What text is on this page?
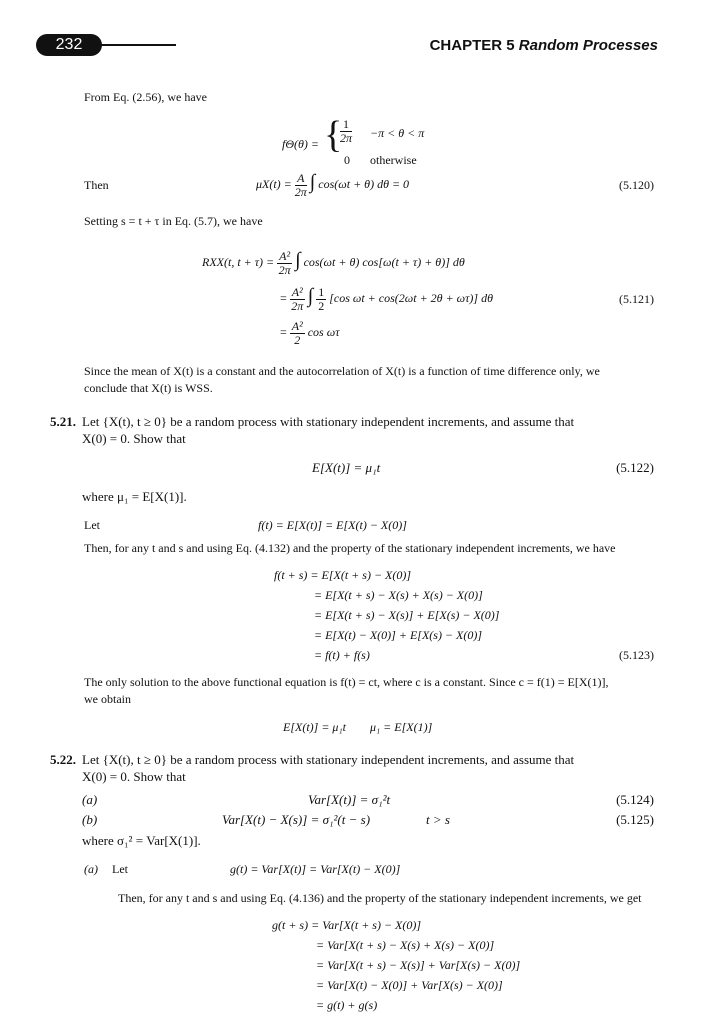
232	CHAPTER 5 Random Processes
From Eq. (2.56), we have
fΘ(θ) = {
$\frac{1}{2\pi} -\pi < \theta < \pi$
0 otherwise
Then	$\mu X(t) = \frac{A}{2\pi}$ ∫ cos(ωt + θ) dθ = 0	(5.120)
Setting s = t + τ in Eq. (5.7), we have
RXX(t, $t + \tau) = \frac{\text{A²}}{2\pi}$ ∫ cos(ωt + θ) cos[ω(t + τ) + θ)] dθ
= $\frac{\text{A²}}{2\pi}$ ∫ $\frac{1}{2} [\cos$ ωt + cos(2ωt + 2θ + ωτ)] dθ	(5.121)
= $\frac{\text{A²}}{2}$ cos ωτ
Since the mean of X(t) is a constant and the autocorrelation of X(t) is a function of time difference only, we
conclude that X(t) is WSS.
5.21. Let {X(t), t ≥ 0} be a random process with stationary independent increments, and assume that
X(0) = 0. Show that
E[X(t)] = μ₁t	(5.122)
where μ₁ = E[X(1)].
Let	f(t) = E[X(t)] = E[X(t) − X(0)]
Then, for any t and s and using Eq. (4.132) and the property of the stationary independent increments, we have
f(t + s) = E[X(t + s) − X(0)]
= E[X(t + s) − X(s) + X(s) − X(0)]
= E[X(t + s) − X(s)] + E[X(s) − X(0)]
= E[X(t) − X(0)] + E[X(s) − X(0)]
= f(t) + f(s)	(5.123)
The only solution to the above functional equation is f(t) = ct, where c is a constant. Since c = f(1) = E[X(1)],
we obtain
E[X(t)] = μ₁t        μ₁ = E[X(1)]
5.22. Let {X(t), t ≥ 0} be a random process with stationary independent increments, and assume that
X(0) = 0. Show that
(a)	Var[X(t)] = σ₁²t	(5.124)
(b)	Var[X(t) − X(s)] = σ₁²(t − s)	t > s	(5.125)
where σ₁² = Var[X(1)].
(a) Let	g(t) = Var[X(t)] = Var[X(t) − X(0)]
Then, for any t and s and using Eq. (4.136) and the property of the stationary independent increments, we get
g(t + s) = Var[X(t + s) − X(0)]
= Var[X(t + s) − X(s) + X(s) − X(0)]
= Var[X(t + s) − X(s)] + Var[X(s) − X(0)]
= Var[X(t) − X(0)] + Var[X(s) − X(0)]
= g(t) + g(s)
